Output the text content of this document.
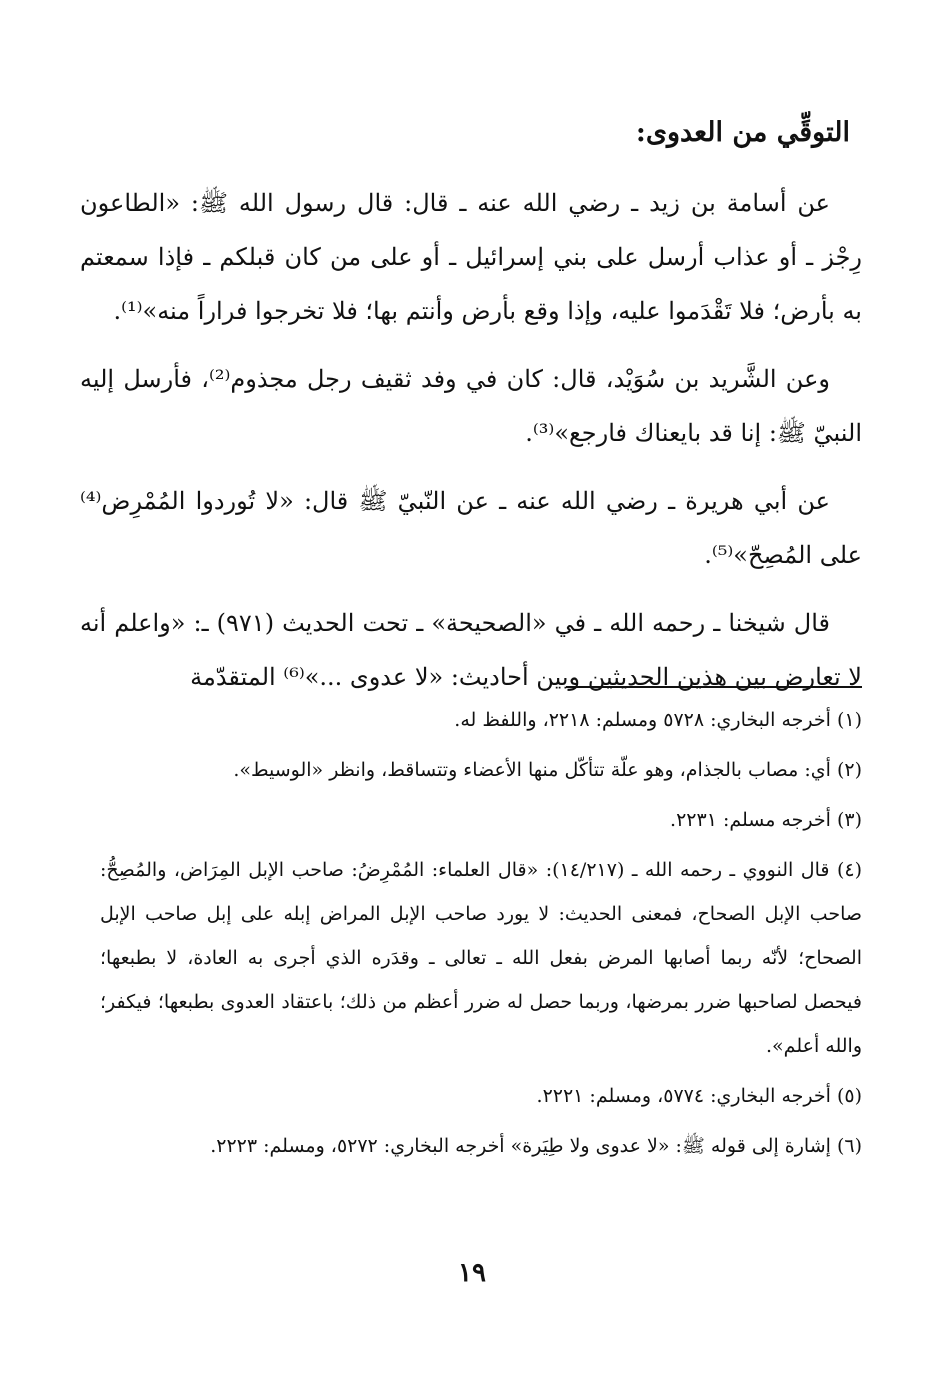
التوقِّي من العدوى:

عن أسامة بن زيد ـ رضي الله عنه ـ قال: قال رسول الله ﷺ: «الطاعون رِجْز ـ أو عذاب أرسل على بني إسرائيل ـ أو على من كان قبلكم ـ فإذا سمعتم به بأرض؛ فلا تَقْدَموا عليه، وإذا وقع بأرض وأنتم بها؛ فلا تخرجوا فراراً منه»⁽¹⁾.

وعن الشَّريد بن سُوَيْد، قال: كان في وفد ثقيف رجل مجذوم⁽²⁾، فأرسل إليه النبيّ ﷺ: إنا قد بايعناك فارجع»⁽³⁾.

عن أبي هريرة ـ رضي الله عنه ـ عن النّبيّ ﷺ قال: «لا تُوردوا المُمْرِض⁽⁴⁾ على المُصِحّ»⁽⁵⁾.

قال شيخنا ـ رحمه الله ـ في «الصحيحة» ـ تحت الحديث (٩٧١) ـ: «واعلم أنه لا تعارض بين هذين الحديثين وبين أحاديث: «لا عدوى ...»⁽⁶⁾ المتقدّمة

(١) أخرجه البخاري: ٥٧٢٨ ومسلم: ٢٢١٨، واللفظ له.

(٢) أي: مصاب بالجذام، وهو علّة تتأكّل منها الأعضاء وتتساقط، وانظر «الوسيط».

(٣) أخرجه مسلم: ٢٢٣١.

(٤) قال النووي ـ رحمه الله ـ (١٤/٢١٧): «قال العلماء: المُمْرِضُ: صاحب الإبل المِرَاض، والمُصِحُّ: صاحب الإبل الصحاح، فمعنى الحديث: لا يورد صاحب الإبل المراض إبله على إبل صاحب الإبل الصحاح؛ لأنّه ربما أصابها المرض بفعل الله ـ تعالى ـ وقدَره الذي أجرى به العادة، لا بطبعها؛ فيحصل لصاحبها ضرر بمرضها، وربما حصل له ضرر أعظم من ذلك؛ باعتقاد العدوى بطبعها؛ فيكفر؛ والله أعلم».

(٥) أخرجه البخاري: ٥٧٧٤، ومسلم: ٢٢٢١.

(٦) إشارة إلى قوله ﷺ: «لا عدوى ولا طِيَرة» أخرجه البخاري: ٥٢٧٢، ومسلم: ٢٢٢٣.

١٩
